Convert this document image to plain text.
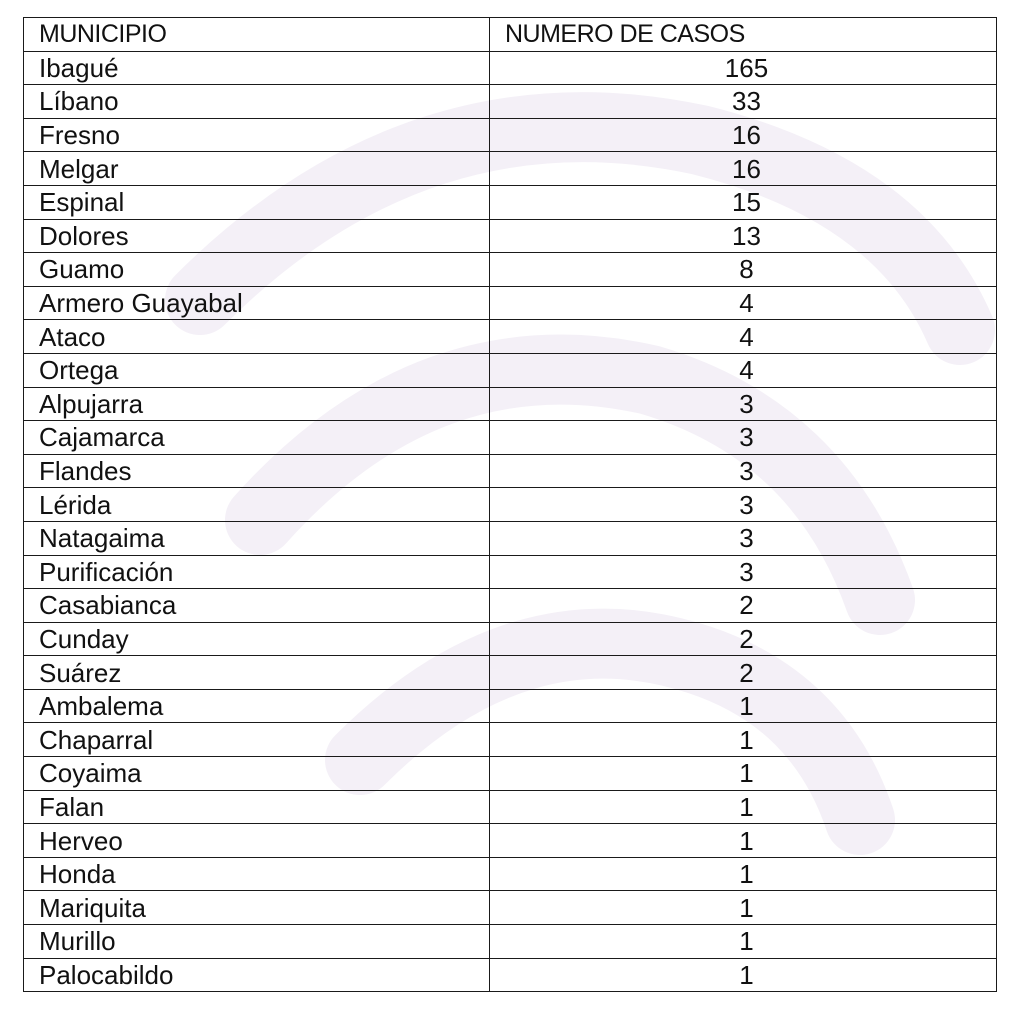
MUNICIPIO	NUMERO DE CASOS
Ibagué	165
Líbano	33
Fresno	16
Melgar	16
Espinal	15
Dolores	13
Guamo	8
Armero Guayabal	4
Ataco	4
Ortega	4
Alpujarra	3
Cajamarca	3
Flandes	3
Lérida	3
Natagaima	3
Purificación	3
Casabianca	2
Cunday	2
Suárez	2
Ambalema	1
Chaparral	1
Coyaima	1
Falan	1
Herveo	1
Honda	1
Mariquita	1
Murillo	1
Palocabildo	1
